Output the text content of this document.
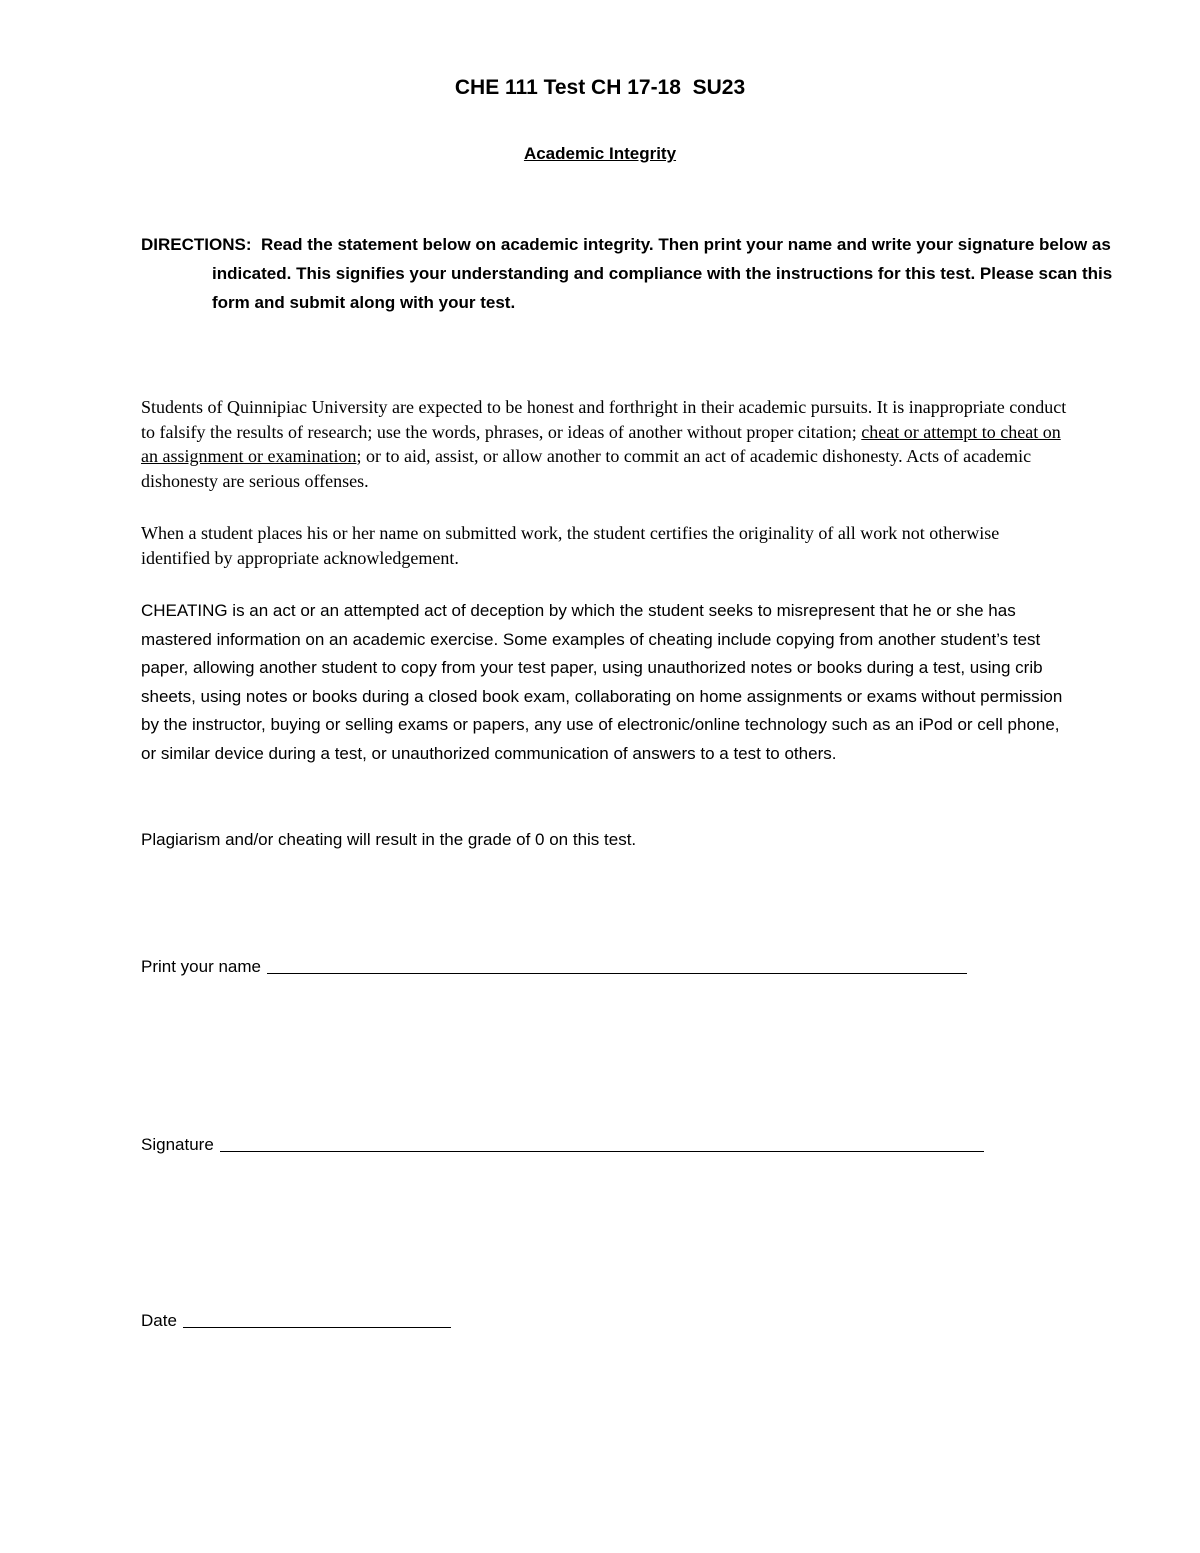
CHE 111 Test CH 17-18  SU23
Academic Integrity
DIRECTIONS:  Read the statement below on academic integrity. Then print your name and write your signature below as indicated. This signifies your understanding and compliance with the instructions for this test. Please scan this form and submit along with your test.
Students of Quinnipiac University are expected to be honest and forthright in their academic pursuits. It is inappropriate conduct to falsify the results of research; use the words, phrases, or ideas of another without proper citation; cheat or attempt to cheat on an assignment or examination; or to aid, assist, or allow another to commit an act of academic dishonesty. Acts of academic dishonesty are serious offenses.
When a student places his or her name on submitted work, the student certifies the originality of all work not otherwise identified by appropriate acknowledgement.
CHEATING is an act or an attempted act of deception by which the student seeks to misrepresent that he or she has mastered information on an academic exercise. Some examples of cheating include copying from another student’s test paper, allowing another student to copy from your test paper, using unauthorized notes or books during a test, using crib sheets, using notes or books during a closed book exam, collaborating on home assignments or exams without permission by the instructor, buying or selling exams or papers, any use of electronic/online technology such as an iPod or cell phone, or similar device during a test, or unauthorized communication of answers to a test to others.
Plagiarism and/or cheating will result in the grade of 0 on this test.
Print your name
Signature
Date
